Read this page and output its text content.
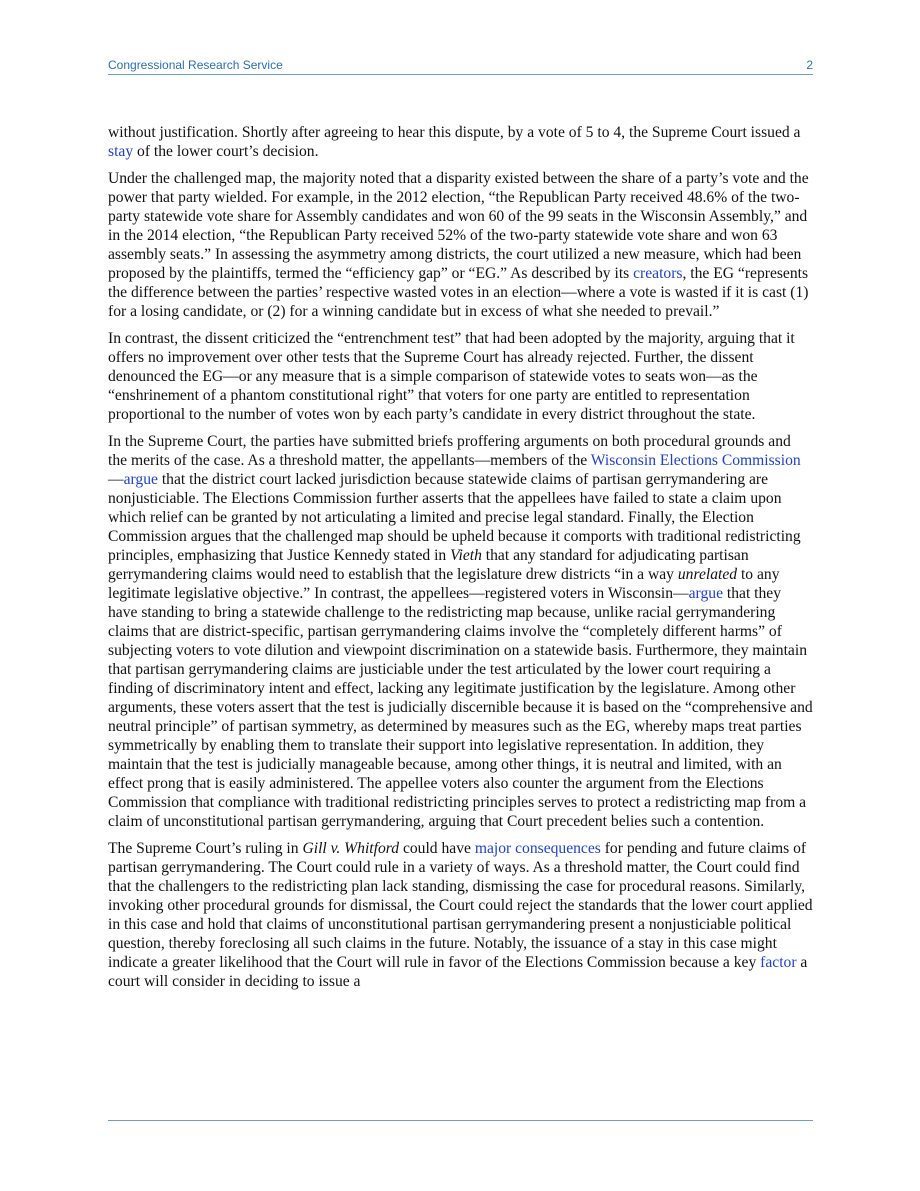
Congressional Research Service	2

without justification. Shortly after agreeing to hear this dispute, by a vote of 5 to 4, the Supreme Court issued a stay of the lower court’s decision.

Under the challenged map, the majority noted that a disparity existed between the share of a party’s vote and the power that party wielded. For example, in the 2012 election, “the Republican Party received 48.6% of the two-party statewide vote share for Assembly candidates and won 60 of the 99 seats in the Wisconsin Assembly,” and in the 2014 election, “the Republican Party received 52% of the two-party statewide vote share and won 63 assembly seats.” In assessing the asymmetry among districts, the court utilized a new measure, which had been proposed by the plaintiffs, termed the “efficiency gap” or “EG.” As described by its creators, the EG “represents the difference between the parties’ respective wasted votes in an election—where a vote is wasted if it is cast (1) for a losing candidate, or (2) for a winning candidate but in excess of what she needed to prevail.”

In contrast, the dissent criticized the “entrenchment test” that had been adopted by the majority, arguing that it offers no improvement over other tests that the Supreme Court has already rejected. Further, the dissent denounced the EG—or any measure that is a simple comparison of statewide votes to seats won—as the “enshrinement of a phantom constitutional right” that voters for one party are entitled to representation proportional to the number of votes won by each party’s candidate in every district throughout the state.

In the Supreme Court, the parties have submitted briefs proffering arguments on both procedural grounds and the merits of the case. As a threshold matter, the appellants—members of the Wisconsin Elections Commission—argue that the district court lacked jurisdiction because statewide claims of partisan gerrymandering are nonjusticiable. The Elections Commission further asserts that the appellees have failed to state a claim upon which relief can be granted by not articulating a limited and precise legal standard. Finally, the Election Commission argues that the challenged map should be upheld because it comports with traditional redistricting principles, emphasizing that Justice Kennedy stated in Vieth that any standard for adjudicating partisan gerrymandering claims would need to establish that the legislature drew districts “in a way unrelated to any legitimate legislative objective.” In contrast, the appellees—registered voters in Wisconsin—argue that they have standing to bring a statewide challenge to the redistricting map because, unlike racial gerrymandering claims that are district-specific, partisan gerrymandering claims involve the “completely different harms” of subjecting voters to vote dilution and viewpoint discrimination on a statewide basis. Furthermore, they maintain that partisan gerrymandering claims are justiciable under the test articulated by the lower court requiring a finding of discriminatory intent and effect, lacking any legitimate justification by the legislature. Among other arguments, these voters assert that the test is judicially discernible because it is based on the “comprehensive and neutral principle” of partisan symmetry, as determined by measures such as the EG, whereby maps treat parties symmetrically by enabling them to translate their support into legislative representation. In addition, they maintain that the test is judicially manageable because, among other things, it is neutral and limited, with an effect prong that is easily administered. The appellee voters also counter the argument from the Elections Commission that compliance with traditional redistricting principles serves to protect a redistricting map from a claim of unconstitutional partisan gerrymandering, arguing that Court precedent belies such a contention.

The Supreme Court’s ruling in Gill v. Whitford could have major consequences for pending and future claims of partisan gerrymandering. The Court could rule in a variety of ways. As a threshold matter, the Court could find that the challengers to the redistricting plan lack standing, dismissing the case for procedural reasons. Similarly, invoking other procedural grounds for dismissal, the Court could reject the standards that the lower court applied in this case and hold that claims of unconstitutional partisan gerrymandering present a nonjusticiable political question, thereby foreclosing all such claims in the future. Notably, the issuance of a stay in this case might indicate a greater likelihood that the Court will rule in favor of the Elections Commission because a key factor a court will consider in deciding to issue a
